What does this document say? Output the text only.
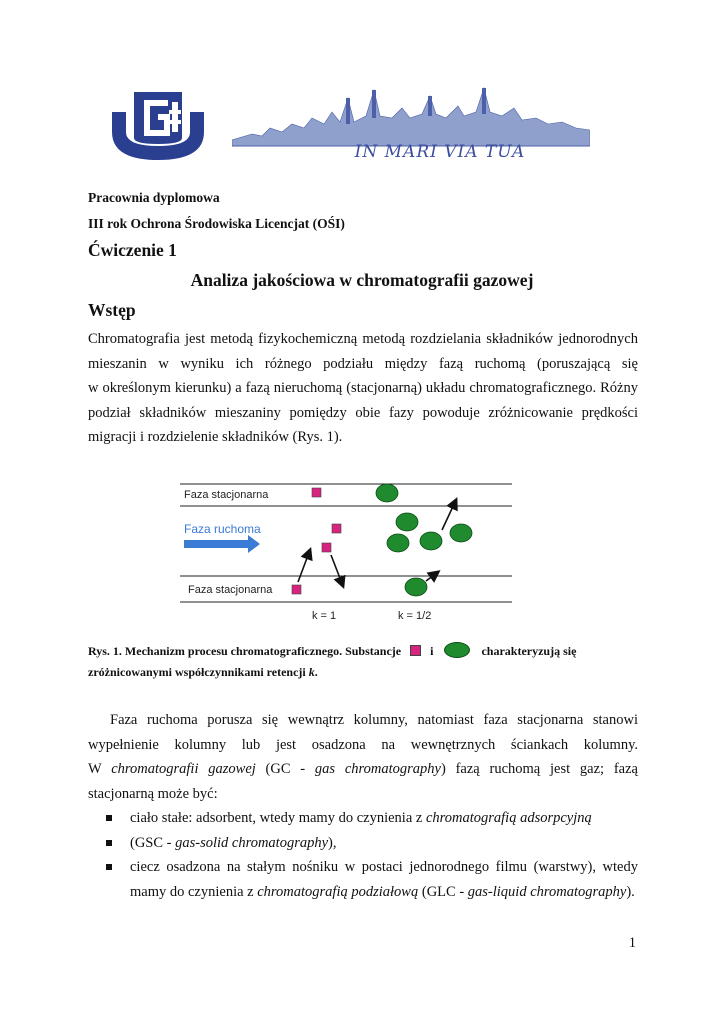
IN MARI VIA TUA
Pracownia dyplomowa
III rok Ochrona Środowiska Licencjat (OŚI)
Ćwiczenie 1
Analiza jakościowa w chromatografii gazowej
Wstęp
Chromatografia jest metodą fizykochemiczną metodą rozdzielania składników jednorodnych
mieszanin w wyniku ich różnego podziału między fazą ruchomą (poruszającą się
w określonym kierunku) a fazą nieruchomą (stacjonarną) układu chromatograficznego. Różny
podział składników mieszaniny pomiędzy obie fazy powoduje zróżnicowanie prędkości
migracji i rozdzielenie składników (Rys. 1).
Faza stacjonarna
Faza ruchoma
Faza stacjonarna
k = 1	k = 1/2
Rys. 1. Mechanizm procesu chromatograficznego. Substancje i	charakteryzują się
zróżnicowanymi współczynnikami retencji k.
Faza ruchoma porusza się wewnątrz kolumny, natomiast faza stacjonarna stanowi
wypełnienie kolumny lub jest osadzona na wewnętrznych ściankach kolumny.
W chromatografii gazowej (GC - gas chromatography) fazą ruchomą jest gaz; fazą
stacjonarną może być:
ciało stałe: adsorbent, wtedy mamy do czynienia z chromatografią adsorpcyjną
(GSC - gas-solid chromatography),
ciecz osadzona na stałym nośniku w postaci jednorodnego filmu (warstwy), wtedy mamy do czynienia z chromatografią podziałową (GLC - gas-liquid chromatography).
1
